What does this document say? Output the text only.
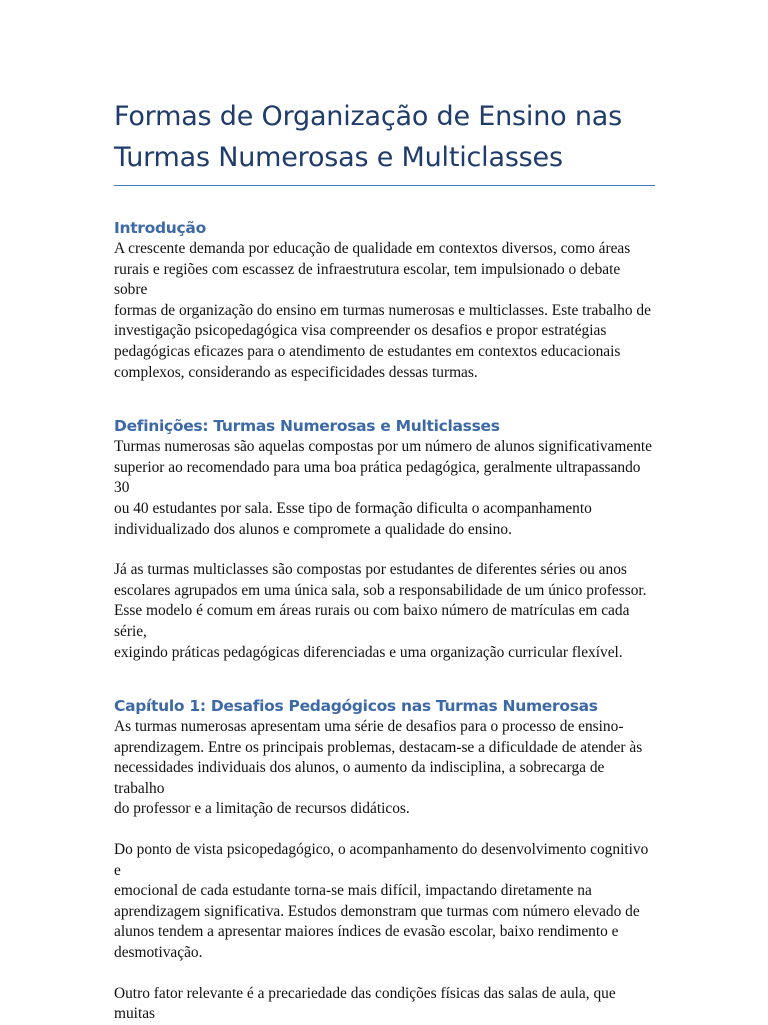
Formas de Organização de Ensino nas
Turmas Numerosas e Multiclasses
Introdução
A crescente demanda por educação de qualidade em contextos diversos, como áreas
rurais e regiões com escassez de infraestrutura escolar, tem impulsionado o debate sobre
formas de organização do ensino em turmas numerosas e multiclasses. Este trabalho de
investigação psicopedagógica visa compreender os desafios e propor estratégias
pedagógicas eficazes para o atendimento de estudantes em contextos educacionais
complexos, considerando as especificidades dessas turmas.
Definições: Turmas Numerosas e Multiclasses
Turmas numerosas são aquelas compostas por um número de alunos significativamente
superior ao recomendado para uma boa prática pedagógica, geralmente ultrapassando 30
ou 40 estudantes por sala. Esse tipo de formação dificulta o acompanhamento
individualizado dos alunos e compromete a qualidade do ensino.
Já as turmas multiclasses são compostas por estudantes de diferentes séries ou anos
escolares agrupados em uma única sala, sob a responsabilidade de um único professor.
Esse modelo é comum em áreas rurais ou com baixo número de matrículas em cada série,
exigindo práticas pedagógicas diferenciadas e uma organização curricular flexível.
Capítulo 1: Desafios Pedagógicos nas Turmas Numerosas
As turmas numerosas apresentam uma série de desafios para o processo de ensino-
aprendizagem. Entre os principais problemas, destacam-se a dificuldade de atender às
necessidades individuais dos alunos, o aumento da indisciplina, a sobrecarga de trabalho
do professor e a limitação de recursos didáticos.
Do ponto de vista psicopedagógico, o acompanhamento do desenvolvimento cognitivo e
emocional de cada estudante torna-se mais difícil, impactando diretamente na
aprendizagem significativa. Estudos demonstram que turmas com número elevado de
alunos tendem a apresentar maiores índices de evasão escolar, baixo rendimento e
desmotivação.
Outro fator relevante é a precariedade das condições físicas das salas de aula, que muitas
